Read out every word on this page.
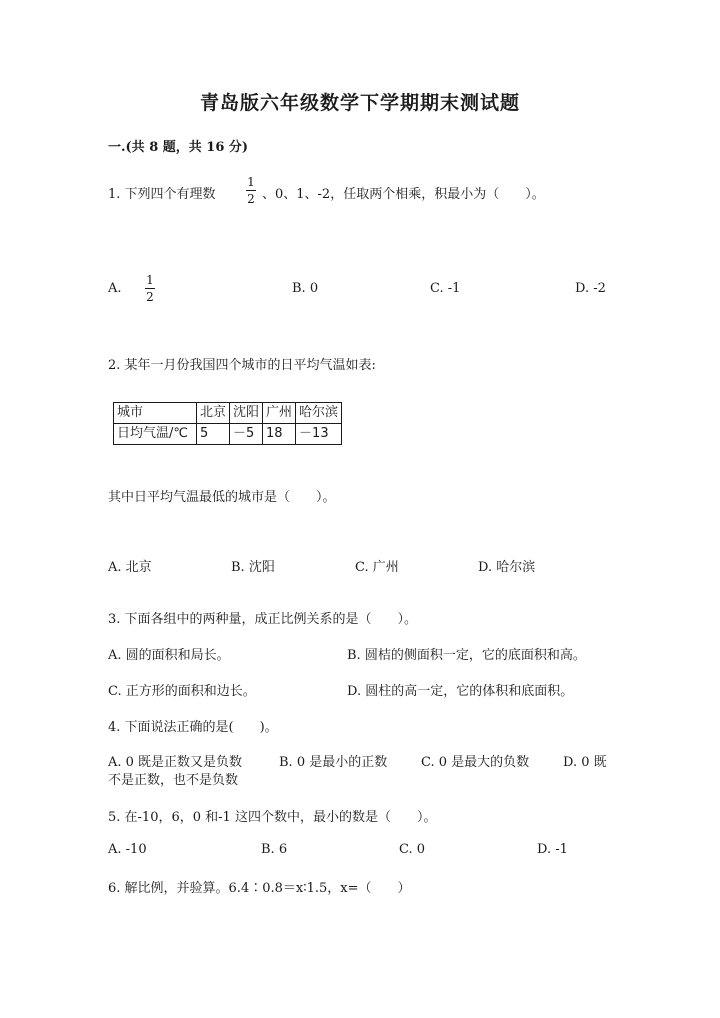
青岛版六年级数学下学期期末测试题
一.(共 8 题，共 16 分)
1. 下列四个有理数
1
2 、0、1、-2，任取两个相乘，积最小为（　　）。
A.
1
2
B. 0	C. -1	D. -2
2. 某年一月份我国四个城市的日平均气温如表:
城市	北京	沈阳	广州	哈尔滨
日均气温/℃	5	－5	18	－13
其中日平均气温最低的城市是（　　）。
A. 北京	B. 沈阳	C. 广州	D. 哈尔滨
3. 下面各组中的两种量，成正比例关系的是（　　）。
A. 圆的面积和局长。	B. 圆桔的侧面积一定，它的底面积和高。
C. 正方形的面积和边长。	D. 圆柱的高一定，它的体积和底面积。
4. 下面说法正确的是(　　)。
A. 0 既是正数又是负数	B. 0 是最小的正数	C. 0 是最大的负数	D. 0 既
不是正数，也不是负数
5. 在-10，6，0 和-1 这四个数中，最小的数是（　　）。
A. -10	B. 6	C. 0	D. -1
6. 解比例，并验算。6.4∶0.8＝x∶1.5，x=（　　）
